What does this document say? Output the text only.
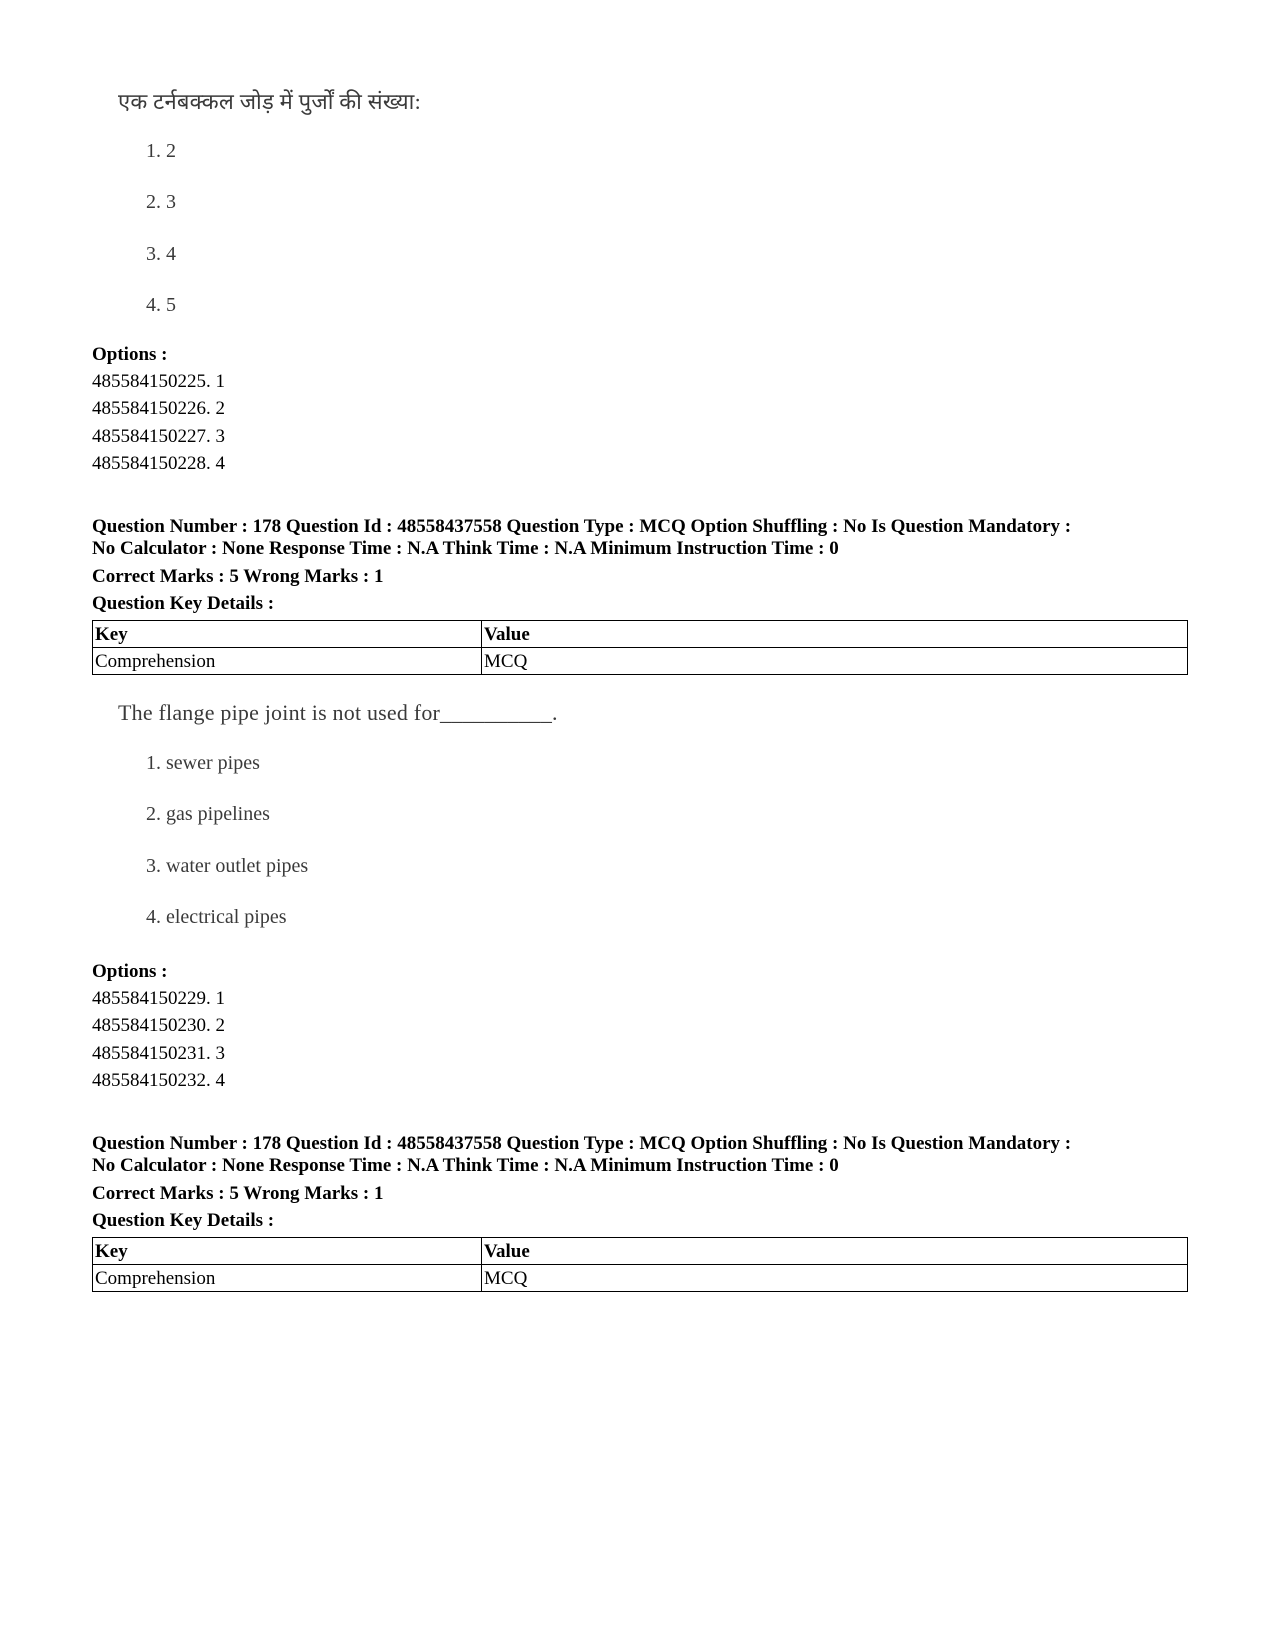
एक टर्नबक्कल जोड़ में पुर्जों की संख्या:
1. 2
2. 3
3. 4
4. 5
Options :
485584150225. 1
485584150226. 2
485584150227. 3
485584150228. 4
Question Number : 178 Question Id : 48558437558 Question Type : MCQ Option Shuffling : No Is Question Mandatory :
No Calculator : None Response Time : N.A Think Time : N.A Minimum Instruction Time : 0
Correct Marks : 5 Wrong Marks : 1
Question Key Details :
Key	Value
Comprehension	MCQ
The flange pipe joint is not used for__________.
1. sewer pipes
2. gas pipelines
3. water outlet pipes
4. electrical pipes
Options :
485584150229. 1
485584150230. 2
485584150231. 3
485584150232. 4
Question Number : 178 Question Id : 48558437558 Question Type : MCQ Option Shuffling : No Is Question Mandatory :
No Calculator : None Response Time : N.A Think Time : N.A Minimum Instruction Time : 0
Correct Marks : 5 Wrong Marks : 1
Question Key Details :
Key	Value
Comprehension	MCQ
